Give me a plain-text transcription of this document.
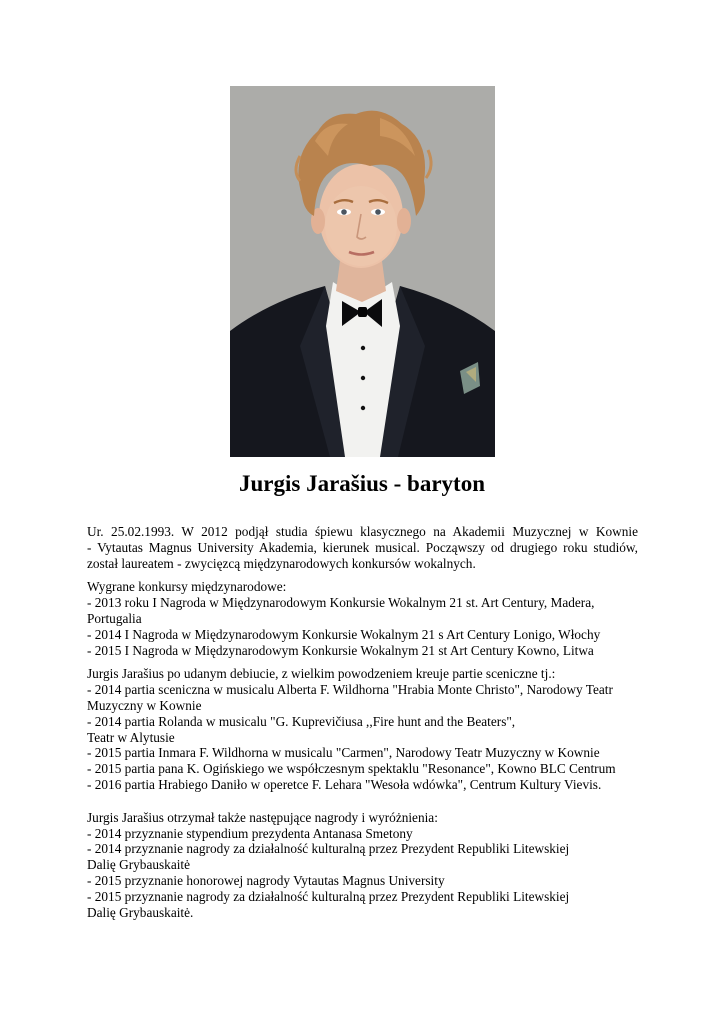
Jurgis Jarašius - baryton
Ur. 25.02.1993. W 2012 podjął studia śpiewu klasycznego na Akademii Muzycznej w Kownie
- Vytautas Magnus University Akademia, kierunek musical. Począwszy od drugiego roku studiów,
został laureatem - zwycięzcą międzynarodowych konkursów wokalnych.
Wygrane konkursy międzynarodowe:
- 2013 roku I Nagroda w Międzynarodowym Konkursie Wokalnym 21 st. Art Century, Madera,
Portugalia
- 2014 I Nagroda w Międzynarodowym Konkursie Wokalnym 21 s Art Century Lonigo, Włochy
- 2015 I Nagroda w Międzynarodowym Konkursie Wokalnym 21 st Art Century Kowno, Litwa
Jurgis Jarašius po udanym debiucie, z wielkim powodzeniem kreuje partie sceniczne tj.:
- 2014 partia sceniczna w musicalu Alberta F. Wildhorna "Hrabia Monte Christo", Narodowy Teatr
Muzyczny w Kownie
- 2014 partia Rolanda w musicalu "G. Kuprevičiusa ,,Fire hunt and the Beaters",
Teatr w Alytusie
- 2015 partia Inmara F. Wildhorna w musicalu "Carmen", Narodowy Teatr Muzyczny w Kownie
- 2015 partia pana K. Ogińskiego we współczesnym spektaklu "Resonance", Kowno BLC Centrum
- 2016 partia Hrabiego Daniło w operetce F. Lehara "Wesoła wdówka", Centrum Kultury Vievis.
Jurgis Jarašius otrzymał także następujące nagrody i wyróżnienia:
- 2014 przyznanie stypendium prezydenta Antanasa Smetony
- 2014 przyznanie nagrody za działalność kulturalną przez Prezydent Republiki Litewskiej
Dalię Grybauskaitė
- 2015 przyznanie honorowej nagrody Vytautas Magnus University
- 2015 przyznanie nagrody za działalność kulturalną przez Prezydent Republiki Litewskiej
Dalię Grybauskaitė.
